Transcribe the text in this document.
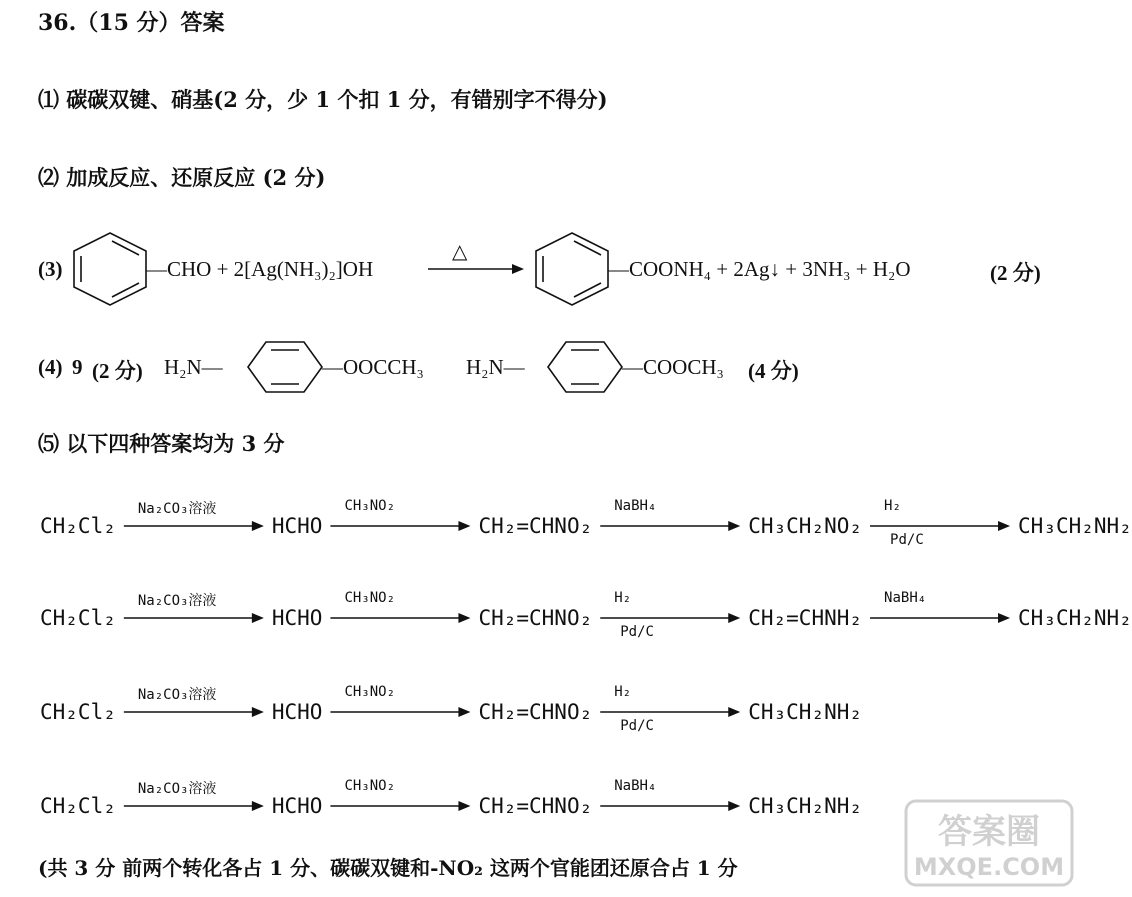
36.（15 分）答案
⑴ 碳碳双键、硝基(2 分，少 1 个扣 1 分，有错别字不得分)
⑵ 加成反应、还原反应 (2 分)
(3)	—CHO + 2[Ag(NH₃)₂]OH
△
—COONH₄ + 2Ag↓ + 3NH₃ + H₂O	(2 分)
(4) 9 (2 分) H₂N—	—OOCCH₃ H₂N—	—COOCH₃ (4 分)
⑸ 以下四种答案均为 3 分
CH₂Cl₂
Na₂CO₃溶液
HCHO
CH₃NO₂
CH₂=CHNO₂
NaBH₄
CH₃CH₂NO₂
H₂
Pd/C
CH₃CH₂NH₂
CH₂Cl₂
Na₂CO₃溶液
HCHO
CH₃NO₂
CH₂=CHNO₂
H₂
Pd/C
CH₂=CHNH₂
NaBH₄
CH₃CH₂NH₂
CH₂Cl₂
Na₂CO₃溶液
HCHO
CH₃NO₂
CH₂=CHNO₂
H₂
Pd/C
CH₃CH₂NH₂
CH₂Cl₂
Na₂CO₃溶液
HCHO
CH₃NO₂
CH₂=CHNO₂
NaBH₄
CH₃CH₂NH₂
(共 3 分 前两个转化各占 1 分、碳碳双键和-NO₂ 这两个官能团还原合占 1 分
答案圈
MXQE.COM
